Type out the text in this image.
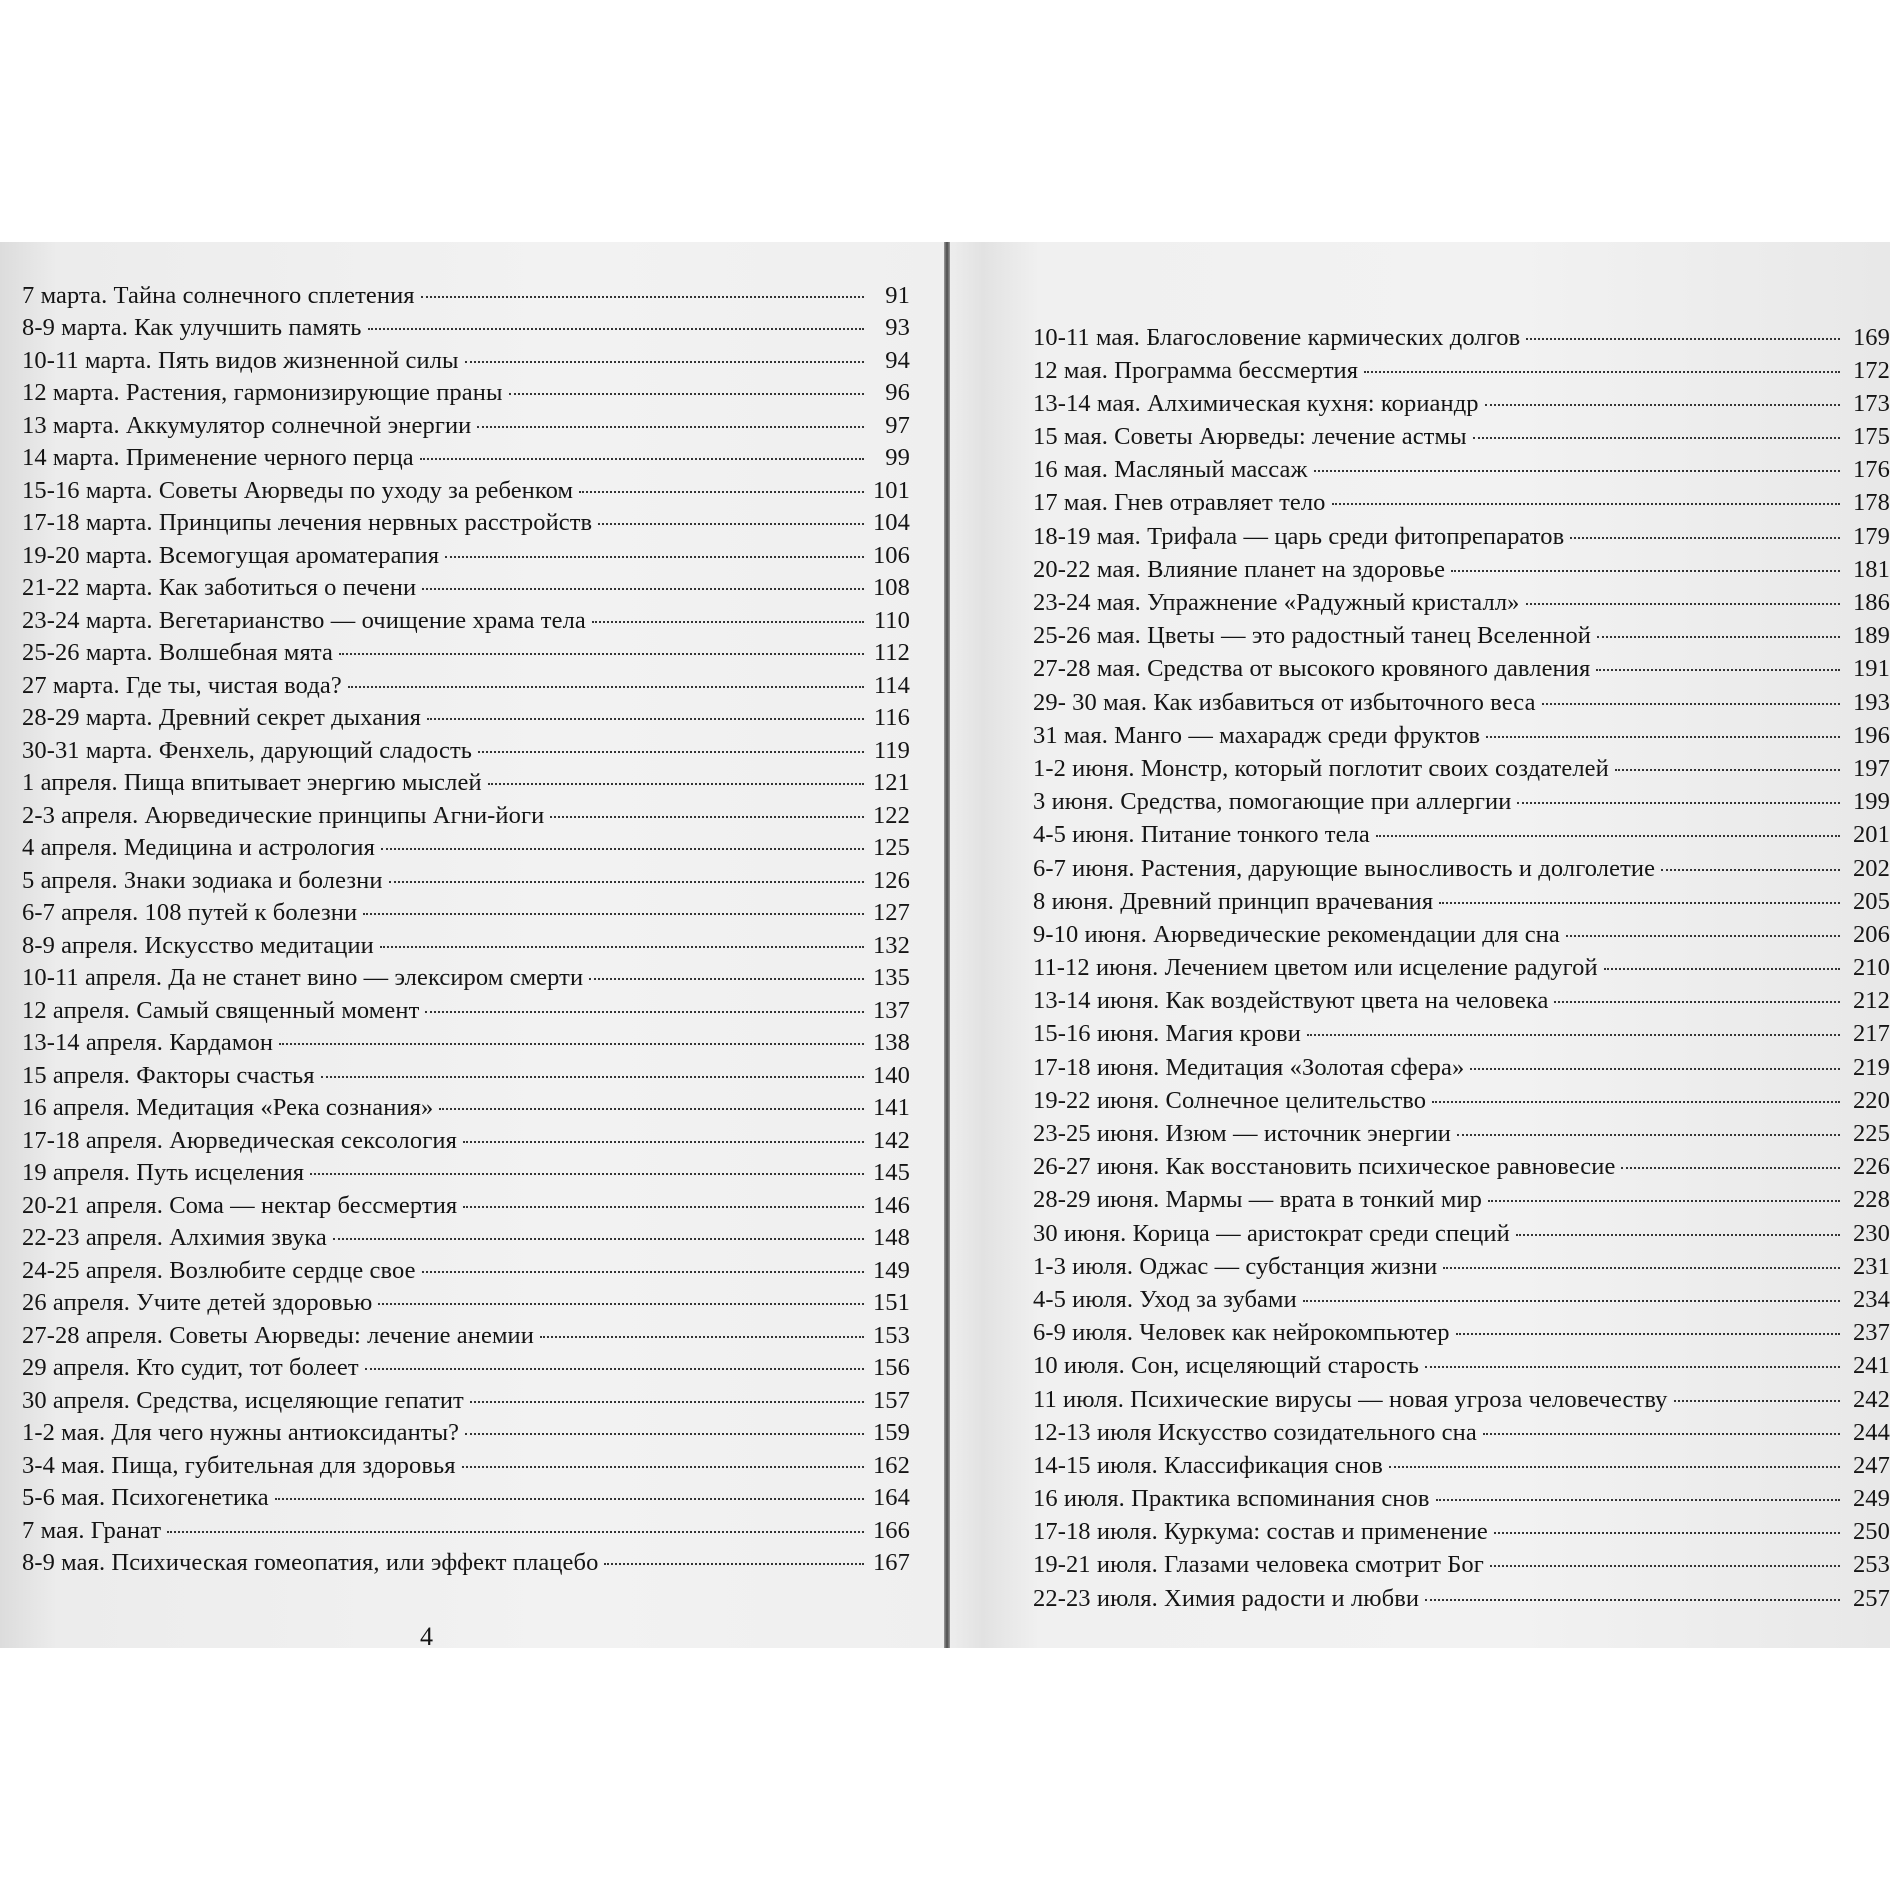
7 марта. Тайна солнечного сплетения	91
8-9 марта. Как улучшить память	93
10-11 марта. Пять видов жизненной силы	94
12 марта. Растения, гармонизирующие праны	96
13 марта. Аккумулятор солнечной энергии	97
14 марта. Применение черного перца	99
15-16 марта. Советы Аюрведы по уходу за ребенком	101
17-18 марта. Принципы лечения нервных расстройств	104
19-20 марта. Всемогущая ароматерапия	106
21-22 марта. Как заботиться о печени	108
23-24 марта. Вегетарианство — очищение храма тела	110
25-26 марта. Волшебная мята	112
27 марта. Где ты, чистая вода?	114
28-29 марта. Древний секрет дыхания	116
30-31 марта. Фенхель, дарующий сладость	119
1 апреля. Пища впитывает энергию мыслей	121
2-3 апреля. Аюрведические принципы Агни-йоги	122
4 апреля. Медицина и астрология	125
5 апреля. Знаки зодиака и болезни	126
6-7 апреля. 108 путей к болезни	127
8-9 апреля. Искусство медитации	132
10-11 апреля. Да не станет вино — элексиром смерти	135
12 апреля. Самый священный момент	137
13-14 апреля. Кардамон	138
15 апреля. Факторы счастья	140
16 апреля. Медитация «Река сознания»	141
17-18 апреля. Аюрведическая сексология	142
19 апреля. Путь исцеления	145
20-21 апреля. Сома — нектар бессмертия	146
22-23 апреля. Алхимия звука	148
24-25 апреля. Возлюбите сердце свое	149
26 апреля. Учите детей здоровью	151
27-28 апреля. Советы Аюрведы: лечение анемии	153
29 апреля. Кто судит, тот болеет	156
30 апреля. Средства, исцеляющие гепатит	157
1-2 мая. Для чего нужны антиоксиданты?	159
3-4 мая. Пища, губительная для здоровья	162
5-6 мая. Психогенетика	164
7 мая. Гранат	166
8-9 мая. Психическая гомеопатия, или эффект плацебо	167
10-11 мая. Благословение кармических долгов	169
12 мая. Программа бессмертия	172
13-14 мая. Алхимическая кухня: кориандр	173
15 мая. Советы Аюрведы: лечение астмы	175
16 мая. Масляный массаж	176
17 мая. Гнев отравляет тело	178
18-19 мая. Трифала — царь среди фитопрепаратов	179
20-22 мая. Влияние планет на здоровье	181
23-24 мая. Упражнение «Радужный кристалл»	186
25-26 мая. Цветы — это радостный танец Вселенной	189
27-28 мая. Средства от высокого кровяного давления	191
29- 30 мая. Как избавиться от избыточного веса	193
31 мая. Манго — махарадж среди фруктов	196
1-2 июня. Монстр, который поглотит своих создателей	197
3 июня. Средства, помогающие при аллергии	199
4-5 июня. Питание тонкого тела	201
6-7 июня. Растения, дарующие выносливость и долголетие	202
8 июня. Древний принцип врачевания	205
9-10 июня. Аюрведические рекомендации для сна	206
11-12 июня. Лечением цветом или исцеление радугой	210
13-14 июня. Как воздействуют цвета на человека	212
15-16 июня. Магия крови	217
17-18 июня. Медитация «Золотая сфера»	219
19-22 июня. Солнечное целительство	220
23-25 июня. Изюм — источник энергии	225
26-27 июня. Как восстановить психическое равновесие	226
28-29 июня. Мармы — врата в тонкий мир	228
30 июня. Корица — аристократ среди специй	230
1-3 июля. Оджас — субстанция жизни	231
4-5 июля. Уход за зубами	234
6-9 июля. Человек как нейрокомпьютер	237
10 июля. Сон, исцеляющий старость	241
11 июля. Психические вирусы — новая угроза человечеству	242
12-13 июля Искусство созидательного сна	244
14-15 июля. Классификация снов	247
16 июля. Практика вспоминания снов	249
17-18 июля. Куркума: состав и применение	250
19-21 июля. Глазами человека смотрит Бог	253
22-23 июля. Химия радости и любви	257
4
